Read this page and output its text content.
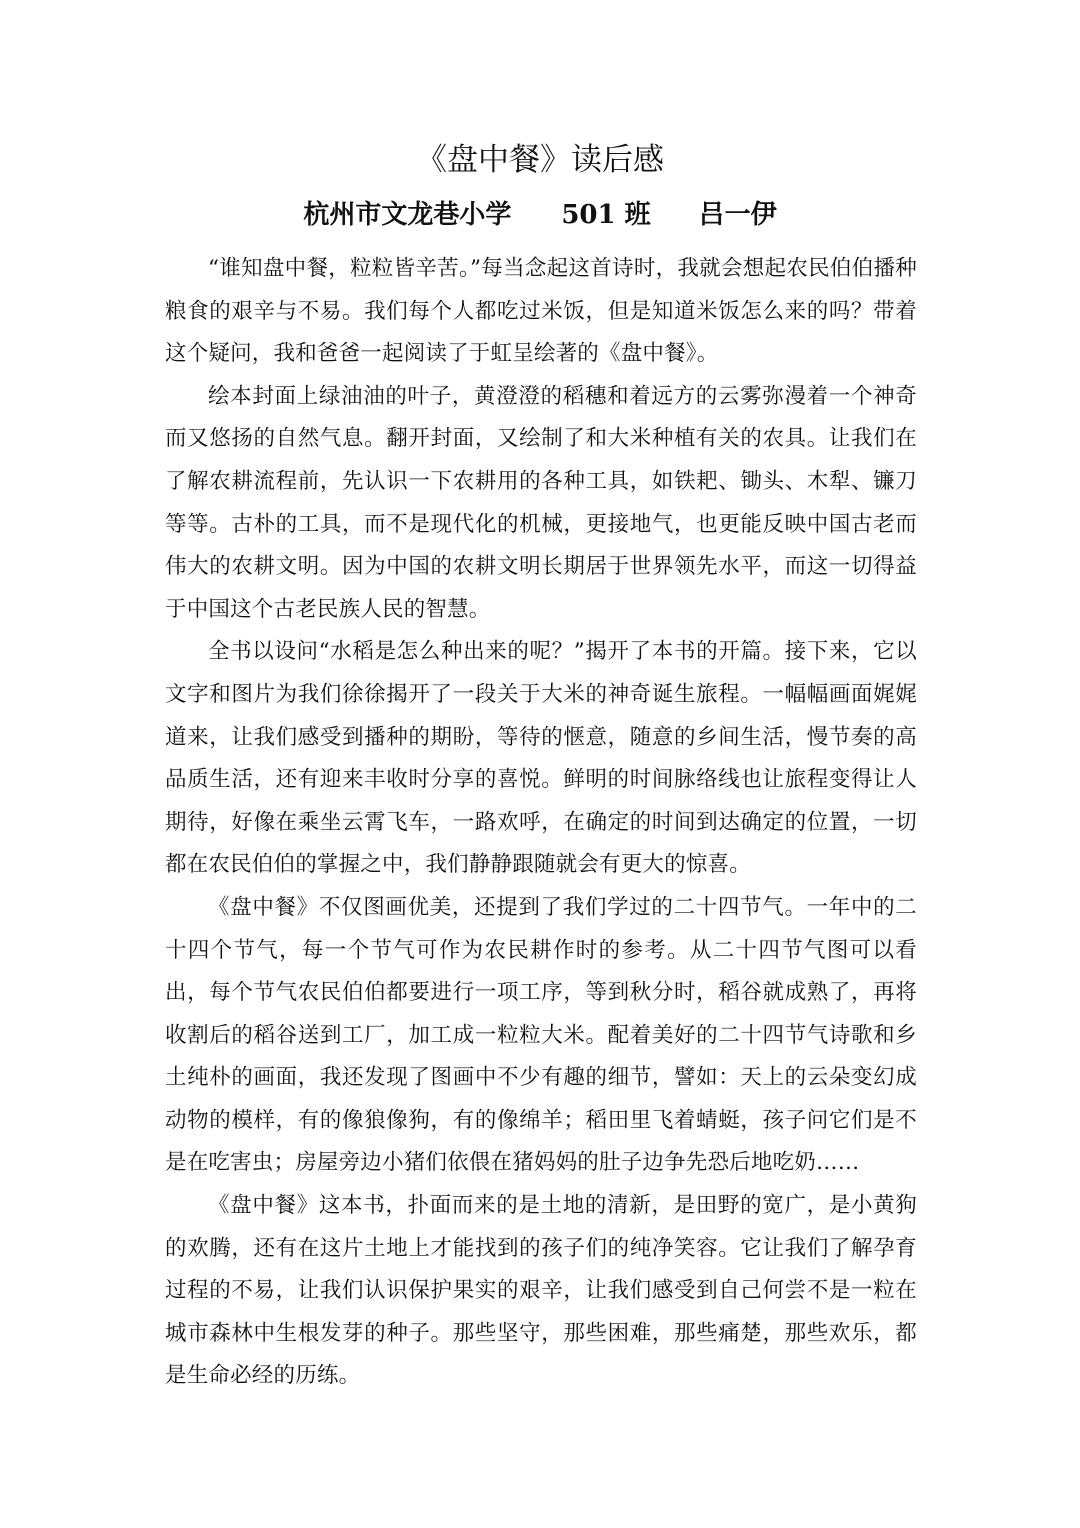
《盘中餐》读后感
杭州市文龙巷小学 501 班 吕一伊

“谁知盘中餐，粒粒皆辛苦。”每当念起这首诗时，我就会想起农民伯伯播种粮食的艰辛与不易。我们每个人都吃过米饭，但是知道米饭怎么来的吗？带着这个疑问，我和爸爸一起阅读了于虹呈绘著的《盘中餐》。

绘本封面上绿油油的叶子，黄澄澄的稻穗和着远方的云雾弥漫着一个神奇而又悠扬的自然气息。翻开封面，又绘制了和大米种植有关的农具。让我们在了解农耕流程前，先认识一下农耕用的各种工具，如铁耙、锄头、木犁、镰刀等等。古朴的工具，而不是现代化的机械，更接地气，也更能反映中国古老而伟大的农耕文明。因为中国的农耕文明长期居于世界领先水平，而这一切得益于中国这个古老民族人民的智慧。

全书以设问“水稻是怎么种出来的呢？”揭开了本书的开篇。接下来，它以文字和图片为我们徐徐揭开了一段关于大米的神奇诞生旅程。一幅幅画面娓娓道来，让我们感受到播种的期盼，等待的惬意，随意的乡间生活，慢节奏的高品质生活，还有迎来丰收时分享的喜悦。鲜明的时间脉络线也让旅程变得让人期待，好像在乘坐云霄飞车，一路欢呼，在确定的时间到达确定的位置，一切都在农民伯伯的掌握之中，我们静静跟随就会有更大的惊喜。

《盘中餐》不仅图画优美，还提到了我们学过的二十四节气。一年中的二十四个节气，每一个节气可作为农民耕作时的参考。从二十四节气图可以看出，每个节气农民伯伯都要进行一项工序，等到秋分时，稻谷就成熟了，再将收割后的稻谷送到工厂，加工成一粒粒大米。配着美好的二十四节气诗歌和乡土纯朴的画面，我还发现了图画中不少有趣的细节，譬如：天上的云朵变幻成动物的模样，有的像狼像狗，有的像绵羊；稻田里飞着蜻蜓，孩子问它们是不是在吃害虫；房屋旁边小猪们依偎在猪妈妈的肚子边争先恐后地吃奶……

《盘中餐》这本书，扑面而来的是土地的清新，是田野的宽广，是小黄狗的欢腾，还有在这片土地上才能找到的孩子们的纯净笑容。它让我们了解孕育过程的不易，让我们认识保护果实的艰辛，让我们感受到自己何尝不是一粒在城市森林中生根发芽的种子。那些坚守，那些困难，那些痛楚，那些欢乐，都是生命必经的历练。
